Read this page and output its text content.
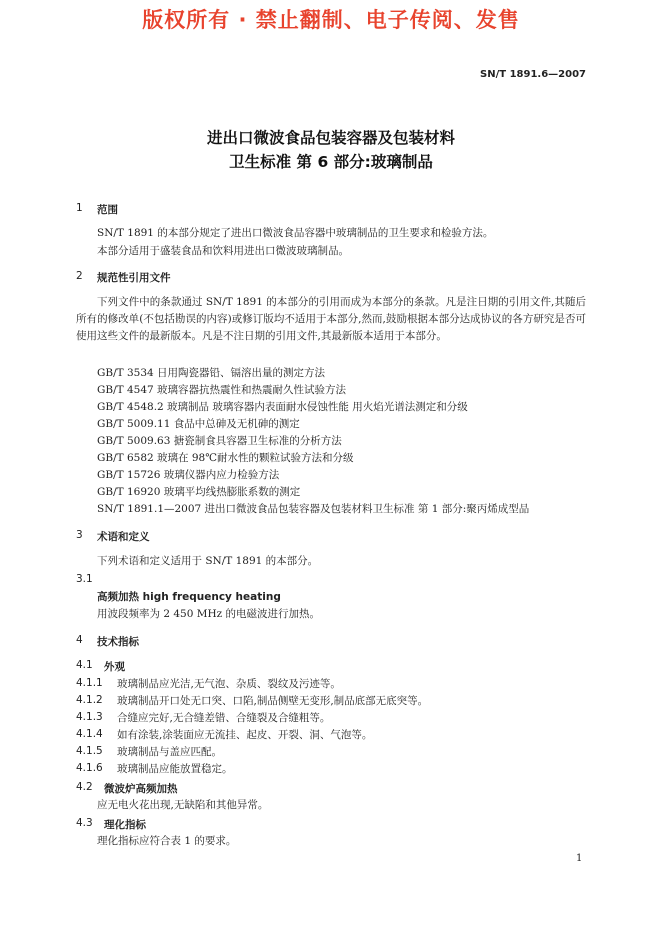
版权所有 · 禁止翻制、电子传阅、发售
SN/T 1891.6—2007
进出口微波食品包装容器及包装材料
卫生标准 第 6 部分:玻璃制品
1 范围
SN/T 1891 的本部分规定了进出口微波食品容器中玻璃制品的卫生要求和检验方法。
本部分适用于盛装食品和饮料用进出口微波玻璃制品。
2 规范性引用文件
下列文件中的条款通过 SN/T 1891 的本部分的引用而成为本部分的条款。凡是注日期的引用文件,其随后所有的修改单(不包括勘误的内容)或修订版均不适用于本部分,然而,鼓励根据本部分达成协议的各方研究是否可使用这些文件的最新版本。凡是不注日期的引用文件,其最新版本适用于本部分。
GB/T 3534 日用陶瓷器铅、镉溶出量的测定方法
GB/T 4547 玻璃容器抗热震性和热震耐久性试验方法
GB/T 4548.2 玻璃制品 玻璃容器内表面耐水侵蚀性能 用火焰光谱法测定和分级
GB/T 5009.11 食品中总砷及无机砷的测定
GB/T 5009.63 搪瓷制食具容器卫生标准的分析方法
GB/T 6582 玻璃在 98℃耐水性的颗粒试验方法和分级
GB/T 15726 玻璃仪器内应力检验方法
GB/T 16920 玻璃平均线热膨胀系数的测定
SN/T 1891.1—2007 进出口微波食品包装容器及包装材料卫生标准 第 1 部分:聚丙烯成型品
3 术语和定义
下列术语和定义适用于 SN/T 1891 的本部分。
3.1
高频加热 high frequency heating
用波段频率为 2 450 MHz 的电磁波进行加热。
4 技术指标
4.1 外观
4.1.1 玻璃制品应光洁,无气泡、杂质、裂纹及污迹等。
4.1.2 玻璃制品开口处无口突、口陷,制品侧壁无变形,制品底部无底突等。
4.1.3 合缝应完好,无合缝差错、合缝裂及合缝粗等。
4.1.4 如有涂装,涂装面应无流挂、起皮、开裂、洞、气泡等。
4.1.5 玻璃制品与盖应匹配。
4.1.6 玻璃制品应能放置稳定。
4.2 微波炉高频加热
应无电火花出现,无缺陷和其他异常。
4.3 理化指标
理化指标应符合表 1 的要求。
1
